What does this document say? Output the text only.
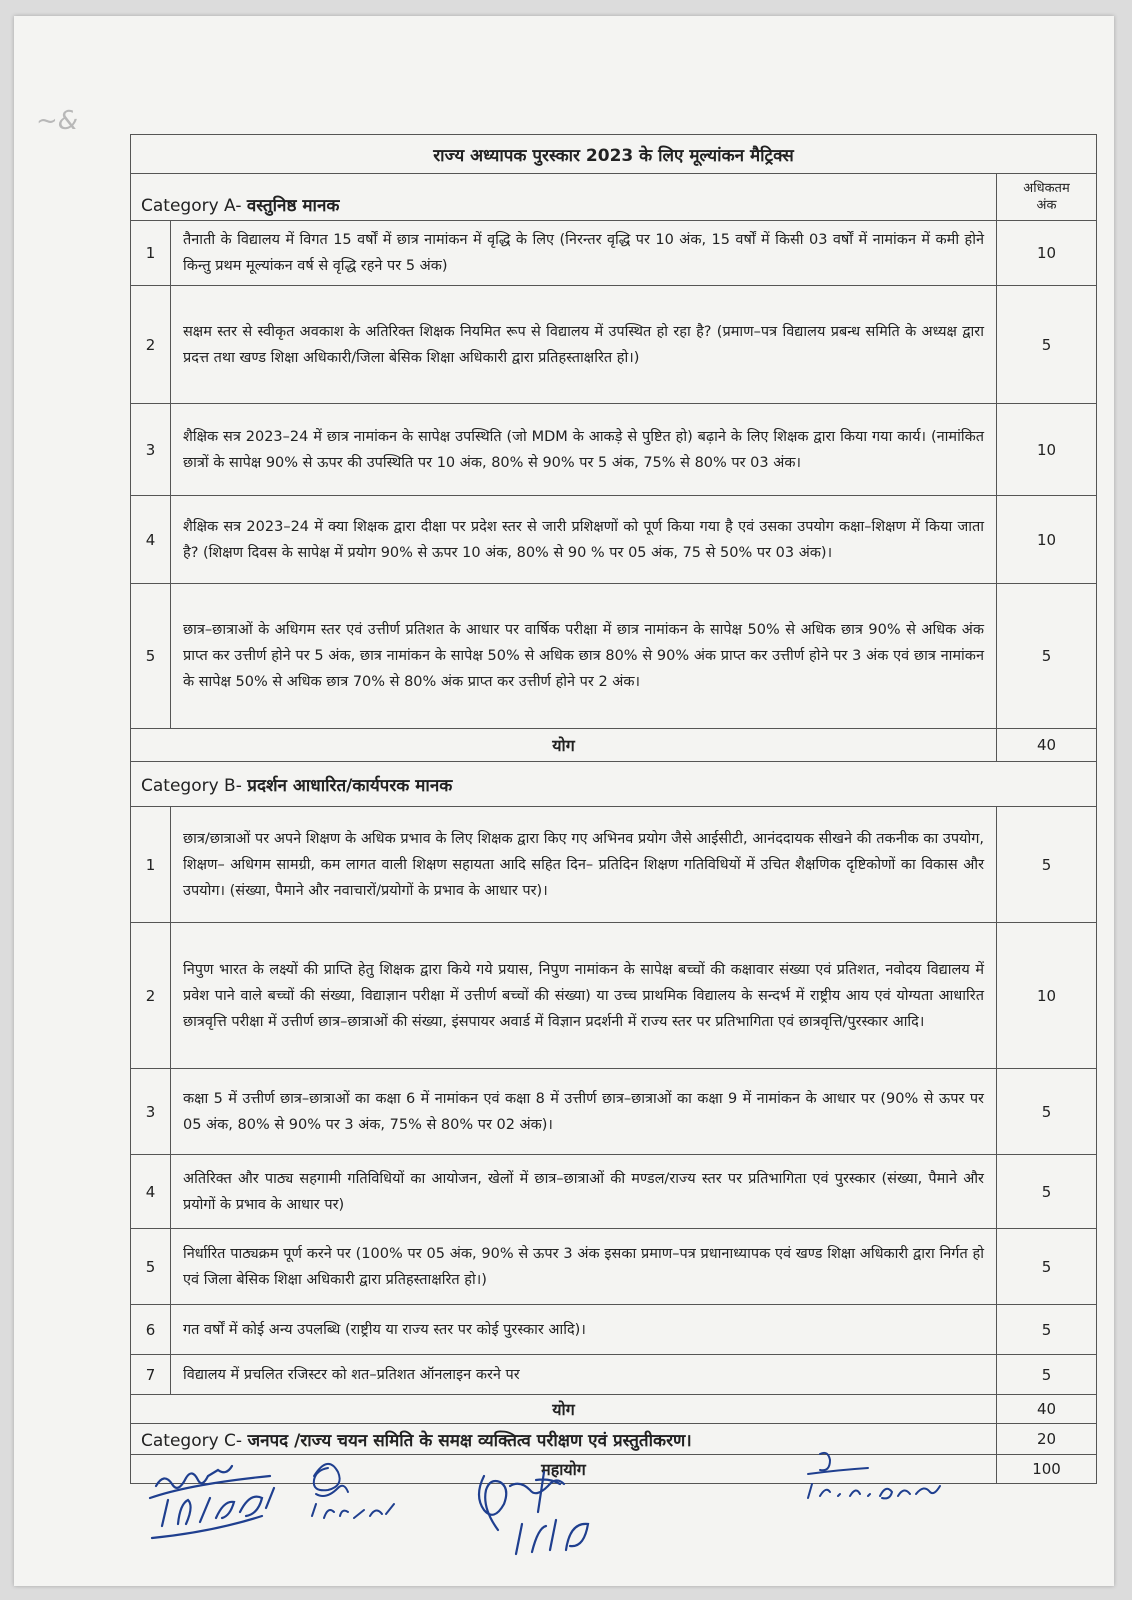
~&
राज्य अध्यापक पुरस्कार 2023 के लिए मूल्यांकन मैट्रिक्स		
Category A- वस्तुनिष्ठ मानक		अधिकतम
अंक

1	तैनाती के विद्यालय में विगत 15 वर्षों में छात्र नामांकन में वृद्धि के लिए (निरन्तर वृद्धि पर 10 अंक, 15 वर्षों में किसी 03 वर्षों में नामांकन में कमी होने किन्तु प्रथम मूल्यांकन वर्ष से वृद्धि रहने पर 5 अंक)	10
2	सक्षम स्तर से स्वीकृत अवकाश के अतिरिक्त शिक्षक नियमित रूप से विद्यालय में उपस्थित हो रहा है? (प्रमाण–पत्र विद्यालय प्रबन्ध समिति के अध्यक्ष द्वारा प्रदत्त तथा खण्ड शिक्षा अधिकारी/जिला बेसिक शिक्षा अधिकारी द्वारा प्रतिहस्ताक्षरित हो।)	5
3	शैक्षिक सत्र 2023–24 में छात्र नामांकन के सापेक्ष उपस्थिति (जो MDM के आकड़े से पुष्टित हो) बढ़ाने के लिए शिक्षक द्वारा किया गया कार्य। (नामांकित छात्रों के सापेक्ष 90% से ऊपर की उपस्थिति पर 10 अंक, 80% से 90% पर 5 अंक, 75% से 80% पर 03 अंक।	10
4	शैक्षिक सत्र 2023–24 में क्या शिक्षक द्वारा दीक्षा पर प्रदेश स्तर से जारी प्रशिक्षणों को पूर्ण किया गया है एवं उसका उपयोग कक्षा–शिक्षण में किया जाता है? (शिक्षण दिवस के सापेक्ष में प्रयोग 90% से ऊपर 10 अंक, 80% से 90 % पर 05 अंक, 75 से 50% पर 03 अंक)।	10
5	छात्र–छात्राओं के अधिगम स्तर एवं उत्तीर्ण प्रतिशत के आधार पर वार्षिक परीक्षा में छात्र नामांकन के सापेक्ष 50% से अधिक छात्र 90% से अधिक अंक प्राप्त कर उत्तीर्ण होने पर 5 अंक, छात्र नामांकन के सापेक्ष 50% से अधिक छात्र 80% से 90% अंक प्राप्त कर उत्तीर्ण होने पर 3 अंक एवं छात्र नामांकन के सापेक्ष 50% से अधिक छात्र 70% से 80% अंक प्राप्त कर उत्तीर्ण होने पर 2 अंक।	5
योग		40
Category B- प्रदर्शन आधारित/कार्यपरक मानक		
1	छात्र/छात्राओं पर अपने शिक्षण के अधिक प्रभाव के लिए शिक्षक द्वारा किए गए अभिनव प्रयोग जैसे आईसीटी, आनंददायक सीखने की तकनीक का उपयोग, शिक्षण– अधिगम सामग्री, कम लागत वाली शिक्षण सहायता आदि सहित दिन– प्रतिदिन शिक्षण गतिविधियों में उचित शैक्षणिक दृष्टिकोणों का विकास और उपयोग। (संख्या, पैमाने और नवाचारों/प्रयोगों के प्रभाव के आधार पर)।	5
2	निपुण भारत के लक्ष्यों की प्राप्ति हेतु शिक्षक द्वारा किये गये प्रयास, निपुण नामांकन के सापेक्ष बच्चों की कक्षावार संख्या एवं प्रतिशत, नवोदय विद्यालय में प्रवेश पाने वाले बच्चों की संख्या, विद्याज्ञान परीक्षा में उत्तीर्ण बच्चों की संख्या) या उच्च प्राथमिक विद्यालय के सन्दर्भ में राष्ट्रीय आय एवं योग्यता आधारित छात्रवृत्ति परीक्षा में उत्तीर्ण छात्र–छात्राओं की संख्या, इंसपायर अवार्ड में विज्ञान प्रदर्शनी में राज्य स्तर पर प्रतिभागिता एवं छात्रवृत्ति/पुरस्कार आदि।	10
3	कक्षा 5 में उत्तीर्ण छात्र–छात्राओं का कक्षा 6 में नामांकन एवं कक्षा 8 में उत्तीर्ण छात्र–छात्राओं का कक्षा 9 में नामांकन के आधार पर (90% से ऊपर पर 05 अंक, 80% से 90% पर 3 अंक, 75% से 80% पर 02 अंक)।	5
4	अतिरिक्त और पाठ्य सहगामी गतिविधियों का आयोजन, खेलों में छात्र–छात्राओं की मण्डल/राज्य स्तर पर प्रतिभागिता एवं पुरस्कार (संख्या, पैमाने और प्रयोगों के प्रभाव के आधार पर)	5
5	निर्धारित पाठ्यक्रम पूर्ण करने पर (100% पर 05 अंक, 90% से ऊपर 3 अंक इसका प्रमाण–पत्र प्रधानाध्यापक एवं खण्ड शिक्षा अधिकारी द्वारा निर्गत हो एवं जिला बेसिक शिक्षा अधिकारी द्वारा प्रतिहस्ताक्षरित हो।)	5
6	गत वर्षों में कोई अन्य उपलब्धि (राष्ट्रीय या राज्य स्तर पर कोई पुरस्कार आदि)।	5
7	विद्यालय में प्रचलित रजिस्टर को शत–प्रतिशत ऑनलाइन करने पर	5
योग		40
Category C- जनपद /राज्य चयन समिति के समक्ष व्यक्तित्व परीक्षण एवं प्रस्तुतीकरण।		20
महायोग		100
